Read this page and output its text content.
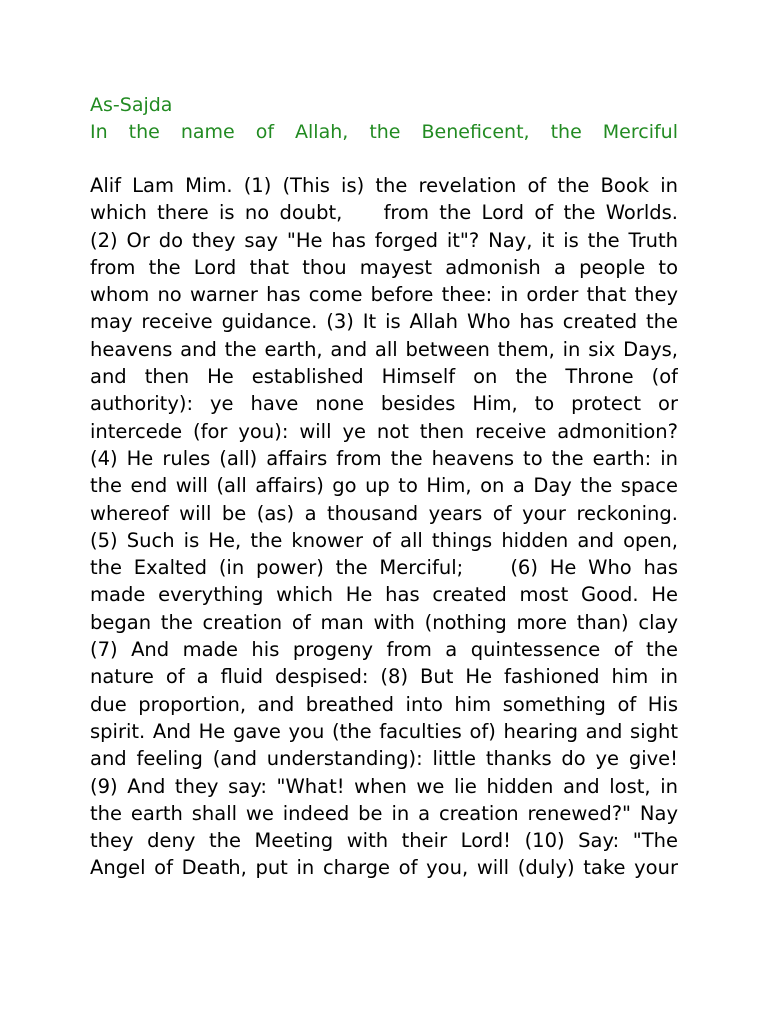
As-Sajda
In the name of Allah, the Beneficent, the Merciful
Alif Lam Mim. (1) (This is) the revelation of the Book in
which there is no doubt,    from the Lord of the Worlds.
(2) Or do they say "He has forged it"? Nay, it is the Truth
from the Lord that thou mayest admonish a people to
whom no warner has come before thee: in order that they
may receive guidance. (3) It is Allah Who has created the
heavens and the earth, and all between them, in six Days,
and then He established Himself on the Throne (of
authority): ye have none besides Him, to protect or
intercede (for you): will ye not then receive admonition?
(4) He rules (all) affairs from the heavens to the earth: in
the end will (all affairs) go up to Him, on a Day the space
whereof will be (as) a thousand years of your reckoning.
(5) Such is He, the knower of all things hidden and open,
the Exalted (in power) the Merciful;    (6) He Who has
made everything which He has created most Good. He
began the creation of man with (nothing more than) clay
(7) And made his progeny from a quintessence of the
nature of a fluid despised: (8) But He fashioned him in
due proportion, and breathed into him something of His
spirit. And He gave you (the faculties of) hearing and sight
and feeling (and understanding): little thanks do ye give!
(9) And they say: "What! when we lie hidden and lost, in
the earth shall we indeed be in a creation renewed?" Nay
they deny the Meeting with their Lord! (10) Say: "The
Angel of Death, put in charge of you, will (duly) take your
